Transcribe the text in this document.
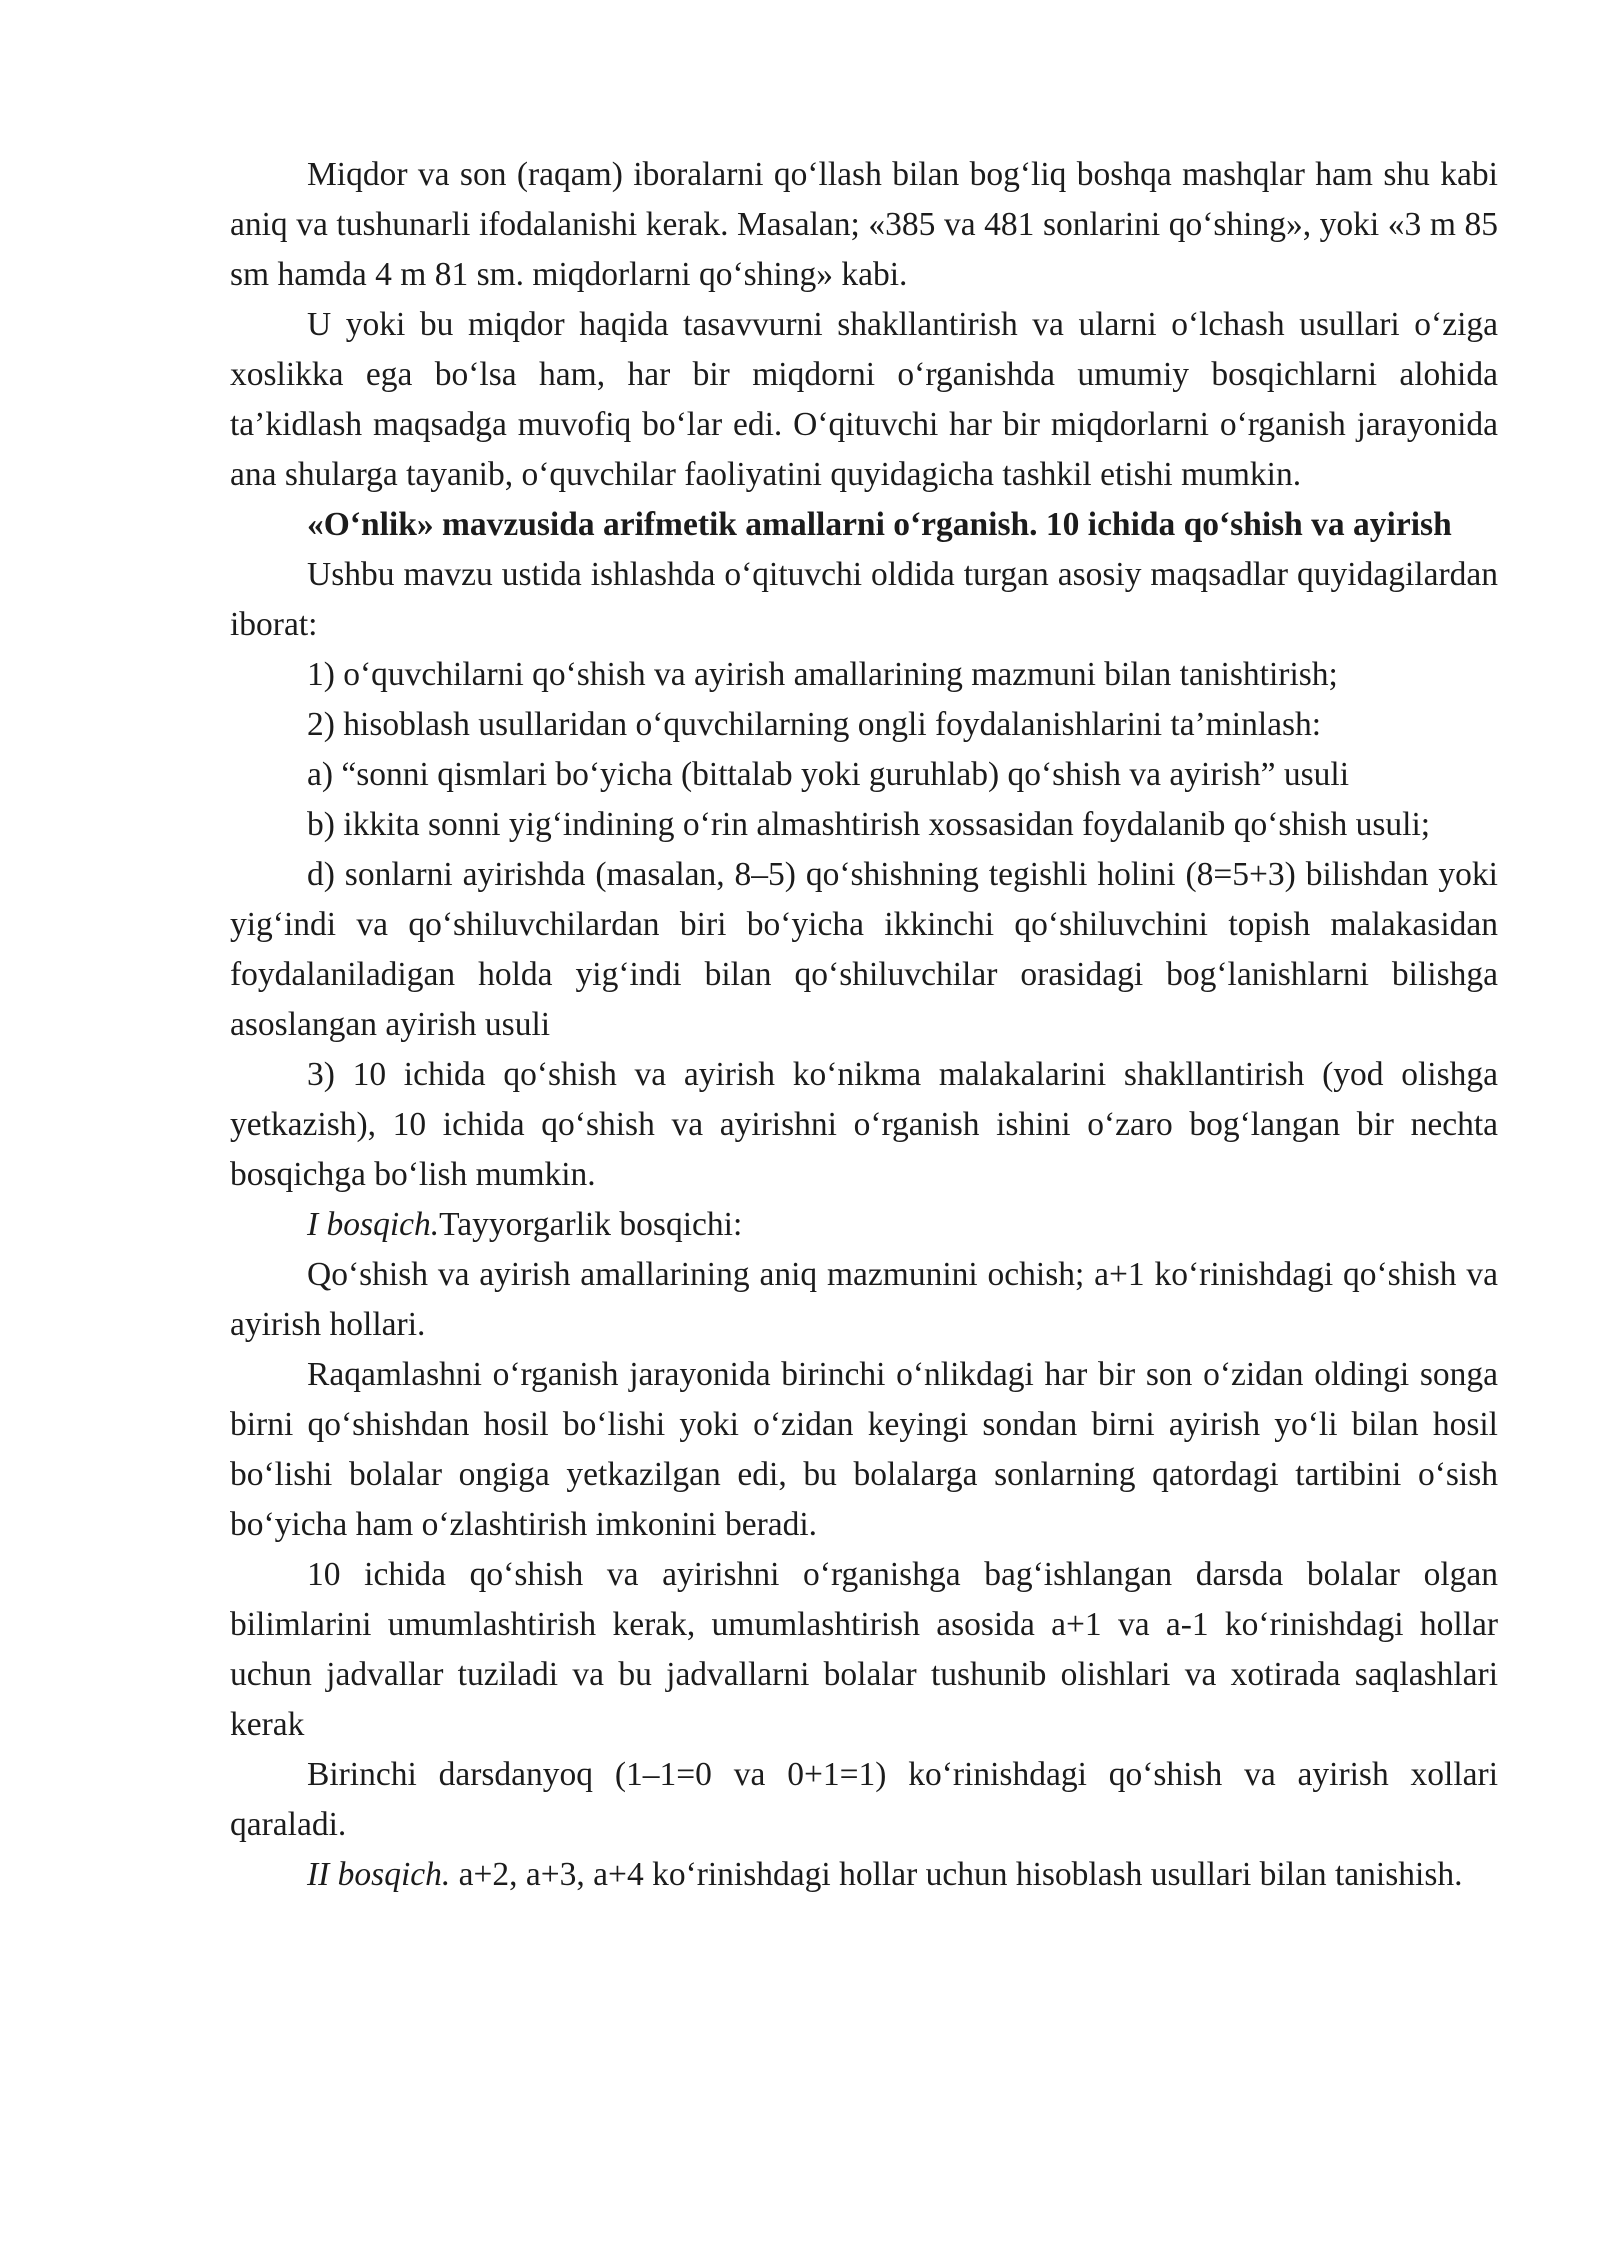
Miqdor va son (raqam) iboralarni qo‘llash bilan bog‘liq boshqa mashqlar ham shu kabi aniq va tushunarli ifodalanishi kerak. Masalan; «385 va 481 sonlarini qo‘shing», yoki «3 m 85 sm hamda 4 m 81 sm. miqdorlarni qo‘shing» kabi.

U yoki bu miqdor haqida tasavvurni shakllantirish va ularni o‘lchash usullari o‘ziga xoslikka ega bo‘lsa ham, har bir miqdorni o‘rganishda umumiy bosqichlarni alohida ta’kidlash maqsadga muvofiq bo‘lar edi. O‘qituvchi har bir miqdorlarni o‘rganish jarayonida ana shularga tayanib, o‘quvchilar faoliyatini quyidagicha tashkil etishi mumkin.

«O‘nlik» mavzusida arifmetik amallarni o‘rganish. 10 ichida qo‘shish va ayirish

Ushbu mavzu ustida ishlashda o‘qituvchi oldida turgan asosiy maqsadlar quyidagilardan iborat:

1) o‘quvchilarni qo‘shish va ayirish amallarining mazmuni bilan tanishtirish;

2) hisoblash usullaridan o‘quvchilarning ongli foydalanishlarini ta’minlash:

a) “sonni qismlari bo‘yicha (bittalab yoki guruhlab) qo‘shish va ayirish” usuli

b) ikkita sonni yig‘indining o‘rin almashtirish xossasidan foydalanib qo‘shish usuli;

d) sonlarni ayirishda (masalan, 8–5) qo‘shishning tegishli holini (8=5+3) bilishdan yoki yig‘indi va qo‘shiluvchilardan biri bo‘yicha ikkinchi qo‘shiluvchini topish malakasidan foydalaniladigan holda yig‘indi bilan qo‘shiluvchilar orasidagi bog‘lanishlarni bilishga asoslangan ayirish usuli

3) 10 ichida qo‘shish va ayirish ko‘nikma malakalarini shakllantirish (yod olishga yetkazish), 10 ichida qo‘shish va ayirishni o‘rganish ishini o‘zaro bog‘langan bir nechta bosqichga bo‘lish mumkin.

I bosqich.Tayyorgarlik bosqichi:

Qo‘shish va ayirish amallarining aniq mazmunini ochish; a+1 ko‘rinishdagi qo‘shish va ayirish hollari.

Raqamlashni o‘rganish jarayonida birinchi o‘nlikdagi har bir son o‘zidan oldingi songa birni qo‘shishdan hosil bo‘lishi yoki o‘zidan keyingi sondan birni ayirish yo‘li bilan hosil bo‘lishi bolalar ongiga yetkazilgan edi, bu bolalarga sonlarning qatordagi tartibini o‘sish bo‘yicha ham o‘zlashtirish imkonini beradi.

10 ichida qo‘shish va ayirishni o‘rganishga bag‘ishlangan darsda bolalar olgan bilimlarini umumlashtirish kerak, umumlashtirish asosida a+1 va a-1 ko‘rinishdagi hollar uchun jadvallar tuziladi va bu jadvallarni bolalar tushunib olishlari va xotirada saqlashlari kerak

Birinchi darsdanyoq (1–1=0 va 0+1=1) ko‘rinishdagi qo‘shish va ayirish xollari qaraladi.

II bosqich. a+2, a+3, a+4 ko‘rinishdagi hollar uchun hisoblash usullari bilan tanishish.
